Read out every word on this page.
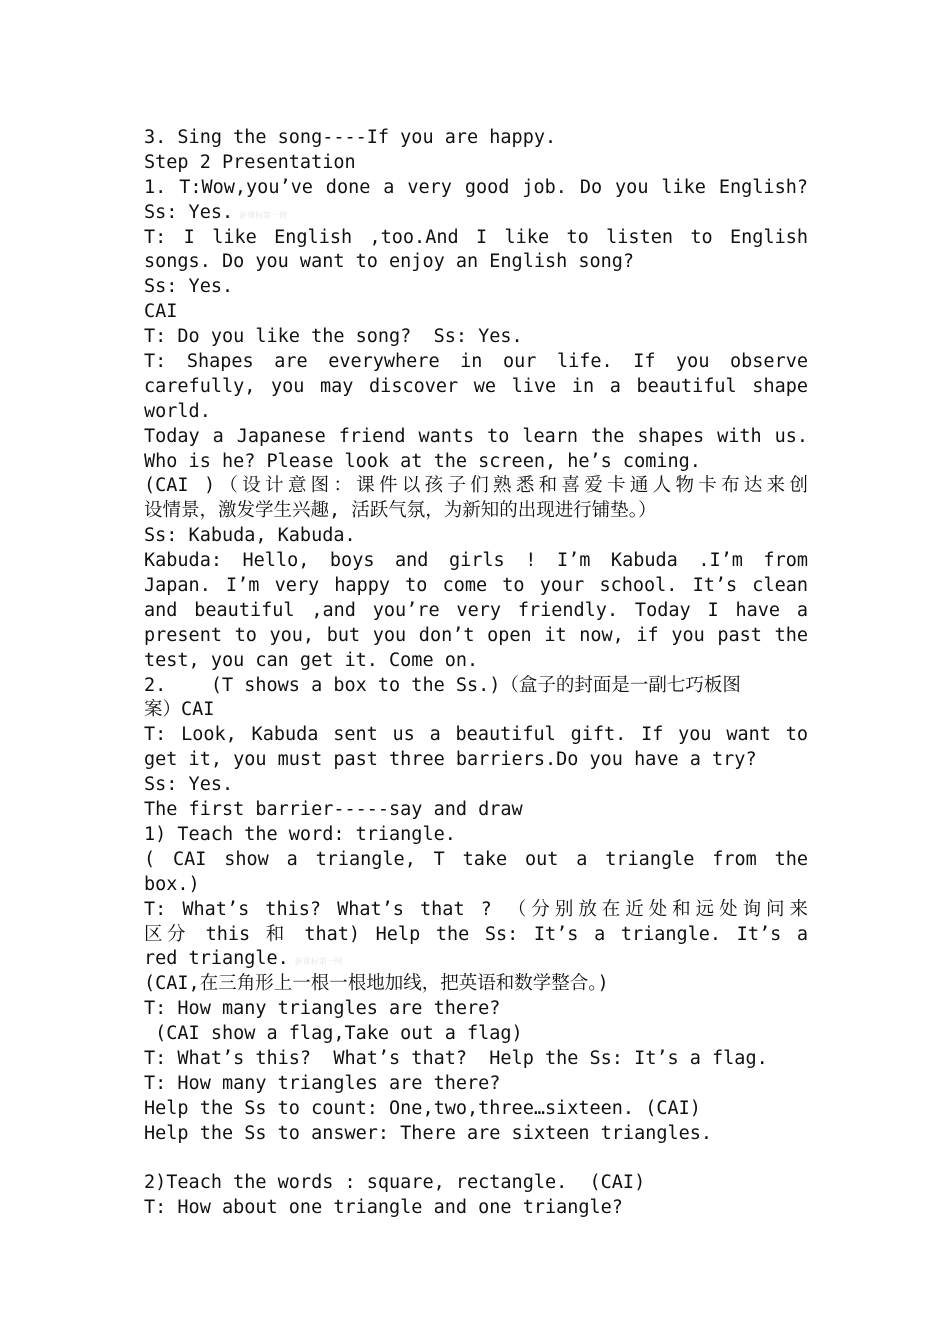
3. Sing the song----If you are happy.
Step 2 Presentation
1. T:Wow,you’ve done a very good job. Do you like English?
Ss: Yes. 新课标第一网
T: I like English ,too.And I like to listen to English
songs. Do you want to enjoy an English song?
Ss: Yes.
CAI
T: Do you like the song?  Ss: Yes.
T: Shapes are everywhere in our life. If you observe
carefully, you may discover we live in a beautiful shape
world.
Today a Japanese friend wants to learn the shapes with us.
Who is he? Please look at the screen, he’s coming.
(CAI )（设计意图：课件以孩子们熟悉和喜爱卡通人物卡布达来创
设情景，激发学生兴趣, 活跃气氛，为新知的出现进行铺垫。）
Ss: Kabuda, Kabuda.
Kabuda: Hello, boys and girls ! I’m Kabuda .I’m from
Japan. I’m very happy to come to your school. It’s clean
and beautiful ,and you’re very friendly. Today I have a
present to you, but you don’t open it now, if you past the
test, you can get it. Come on.
2.    (T shows a box to the Ss.)（盒子的封面是一副七巧板图
案）CAI
T: Look, Kabuda sent us a beautiful gift. If you want to
get it, you must past three barriers.Do you have a try?
Ss: Yes.
The first barrier-----say and draw
1) Teach the word: triangle.
( CAI show a triangle, T take out a triangle from the
box.)
T: What’s this? What’s that ? （分别放在近处和远处询问来
区分 this 和 that) Help the Ss: It’s a triangle. It’s a
red triangle. 新课标第一网
(CAI,在三角形上一根一根地加线，把英语和数学整合。)
T: How many triangles are there?
(CAI show a flag,Take out a flag)
T: What’s this?  What’s that?  Help the Ss: It’s a flag.
T: How many triangles are there?
Help the Ss to count: One,two,three…sixteen. (CAI)
Help the Ss to answer: There are sixteen triangles.
2)Teach the words : square, rectangle.  (CAI)
T: How about one triangle and one triangle?
